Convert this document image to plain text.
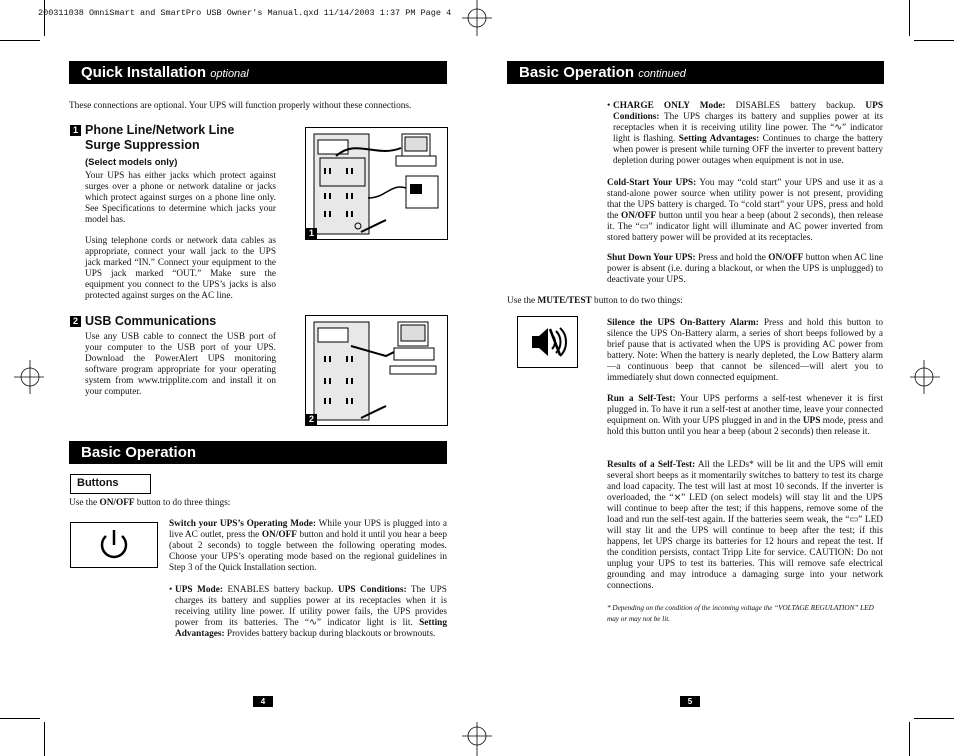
200311038 OmniSmart and SmartPro USB Owner's Manual.qxd 11/14/2003 1:37 PM Page 4
Quick Installation optional
These connections are optional. Your UPS will function properly without these connections.
1 Phone Line/Network Line
Surge Suppression
(Select models only)
Your UPS has either jacks which protect against surges over a phone or network dataline or jacks which protect against surges on a phone line only. See Specifications to determine which jacks your model has.
Using telephone cords or network data cables as appropriate, connect your wall jack to the UPS jack marked “IN.” Connect your equipment to the UPS jack marked “OUT.” Make sure the equipment you connect to the UPS’s jacks is also protected against surges on the AC line.
1
2 USB Communications
Use any USB cable to connect the USB port of your computer to the USB port of your UPS. Download the PowerAlert UPS monitoring software program appropriate for your operating system from www.tripplite.com and install it on your computer.
2
Basic Operation
Buttons
Use the ON/OFF button to do three things:
Switch your UPS’s Operating Mode: While your UPS is plugged into a live AC outlet, press the ON/OFF button and hold it until you hear a beep (about 2 seconds) to toggle between the following operating modes. Choose your UPS’s operating mode based on the regional guidelines in Step 3 of the Quick Installation section.
• UPS Mode: ENABLES battery backup. UPS Conditions: The UPS charges its battery and supplies power at its receptacles when it is receiving utility line power. If utility power fails, the UPS provides power from its batteries. The “∿” indicator light is lit. Setting Advantages: Provides battery backup during blackouts or brownouts.
4
Basic Operation continued
• CHARGE ONLY Mode: DISABLES battery backup. UPS Conditions: The UPS charges its battery and supplies power at its receptacles when it is receiving utility line power. The “∿” indicator light is flashing. Setting Advantages: Continues to charge the battery when power is present while turning OFF the inverter to prevent battery depletion during power outages when equipment is not in use.
Cold-Start Your UPS: You may “cold start” your UPS and use it as a stand-alone power source when utility power is not present, providing that the UPS battery is charged. To “cold start” your UPS, press and hold the ON/OFF button until you hear a beep (about 2 seconds), then release it. The “▭” indicator light will illuminate and AC power inverted from stored battery power will be provided at its receptacles.
Shut Down Your UPS: Press and hold the ON/OFF button when AC line power is absent (i.e. during a blackout, or when the UPS is unplugged) to deactivate your UPS.
Use the MUTE/TEST button to do two things:
Silence the UPS On-Battery Alarm: Press and hold this button to silence the UPS On-Battery alarm, a series of short beeps followed by a brief pause that is activated when the UPS is providing AC power from battery. Note: When the battery is nearly depleted, the Low Battery alarm—a continuous beep that cannot be silenced—will alert you to immediately shut down connected equipment.
Run a Self-Test: Your UPS performs a self-test whenever it is first plugged in. To have it run a self-test at another time, leave your connected equipment on. With your UPS plugged in and in the UPS mode, press and hold this button until you hear a beep (about 2 seconds) then release it.
Results of a Self-Test: All the LEDs* will be lit and the UPS will emit several short beeps as it momentarily switches to battery to test its charge and load capacity. The test will last at most 10 seconds. If the inverter is overloaded, the “⨯” LED (on select models) will stay lit and the UPS will continue to beep after the test; if this happens, remove some of the load and run the self-test again. If the batteries seem weak, the “▭” LED will stay lit and the UPS will continue to beep after the test; if this happens, let UPS charge its batteries for 12 hours and repeat the test. If the condition persists, contact Tripp Lite for service. CAUTION: Do not unplug your UPS to test its batteries. This will remove safe electrical grounding and may introduce a damaging surge into your network connections.
* Depending on the condition of the incoming voltage the “VOLTAGE REGULATION” LED may or may not be lit.
5
